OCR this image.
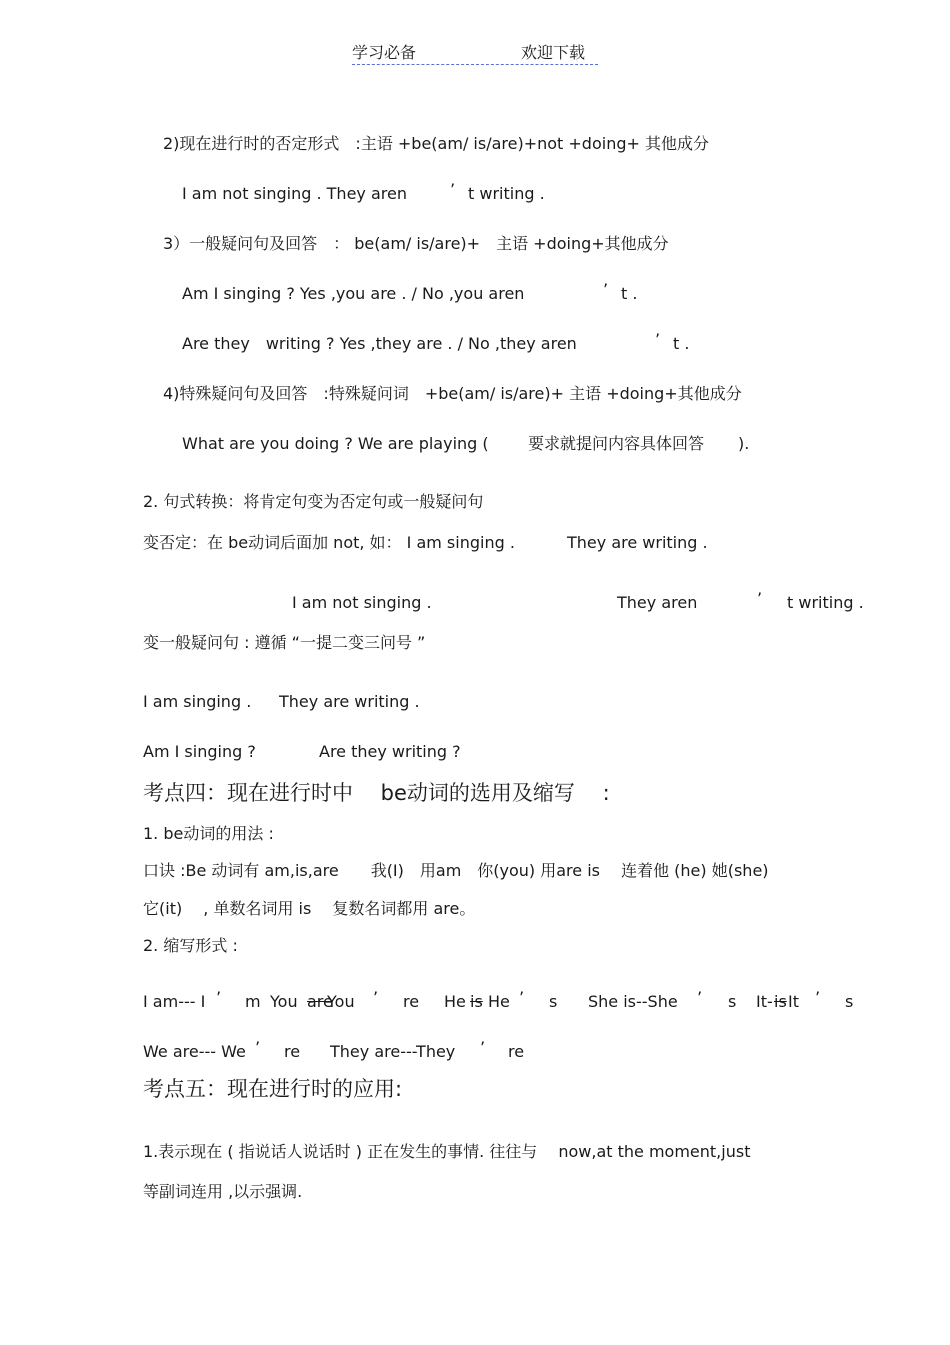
学习必备	欢迎下载
2)现在进行时的否定形式　:主语 +be(am/ is/are)+not +doing+ 其他成分
I am not singing . They aren	’ t writing .
3）一般疑问句及回答　： be(am/ is/are)+　主语 +doing+其他成分
Am I singing ? Yes ,you are . / No ,you aren	’ t .
Are they　writing ? Yes ,they are . / No ,they aren	’ t .
4)特殊疑问句及回答　:特殊疑问词　+be(am/ is/are)+ 主语 +doing+其他成分
What are you doing ? We are playing ( 要求就提问内容具体回答 ).
2. 句式转换：将肯定句变为否定句或一般疑问句
变否定：在 be动词后面加 not, 如： I am singing .	They are writing .
I am not singing .	They aren	’ t writing .
变一般疑问句 : 遵循 “一提二变三问号 ”
I am singing . They are writing .
Am I singing ?	Are they writing ?
考点四：现在进行时中　 be动词的选用及缩写　 :
1. be动词的用法 :
口诀 :Be 动词有 am,is,are　　我(I)　用am　你(you) 用are is　 连着他 (he) 她(she)
它(it)　 , 单数名词用 is　 复数名词都用 are。
2. 缩写形式 :
I am--- I ’ m You are
You ’ re He is He ’ s She is--She ’ s It- is It ’ s
We are--- We ’ re They are---They ’ re
考点五：现在进行时的应用:
1.表示现在 ( 指说话人说话时 ) 正在发生的事情. 往往与　 now,at the moment,just
等副词连用 ,以示强调.
